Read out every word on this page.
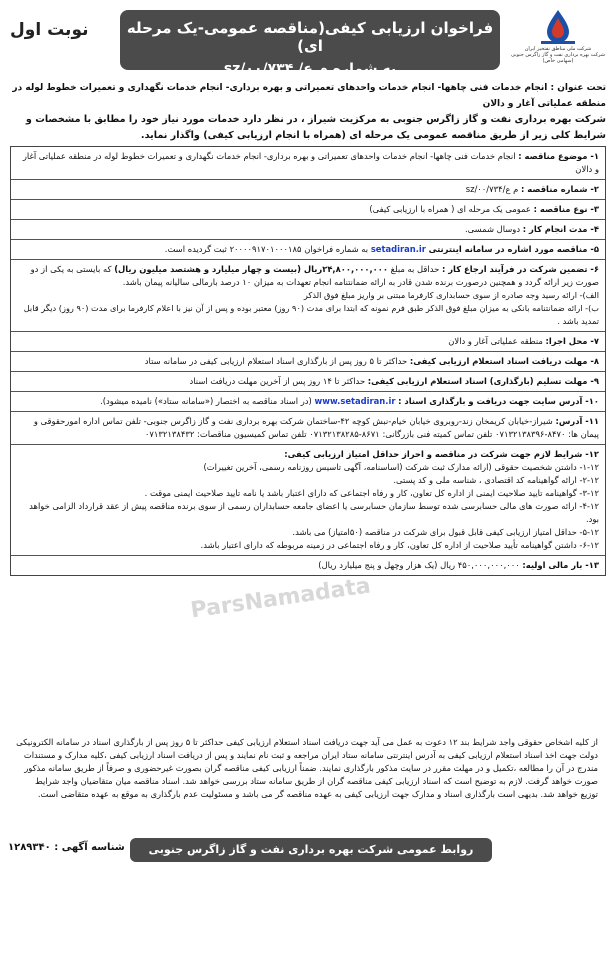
نوبت اول	فراخوان ارزیابی کیفی(مناقصه عمومی-یک مرحله ای)
به شماره م ع/ sz/۰۰/۷۳۴
شرکت ملی مناطق نفتخیز ایران
شرکت بهره برداری نفت و گاز زاگرس جنوبی
(سهامی خاص)
تحت عنوان : انجام خدمات فنی چاهها- انجام خدمات واحدهای تعمیراتی و بهره برداری- انجام خدمات نگهداری و تعمیرات خطوط لوله در منطقه عملیاتی آغار و دالان
شرکت بهره برداری نفت و گاز زاگرس جنوبی به مرکزیت شیراز ، در نظر دارد خدمات مورد نیاز خود را مطابق با مشخصات و شرایط کلی زیر از طریق مناقصه عمومی یک مرحله ای (همراه با انجام ارزیابی کیفی) واگذار نماید.
۱- موضوع مناقصه : انجام خدمات فنی چاهها- انجام خدمات واحدهای تعمیراتی و بهره برداری- انجام خدمات نگهداری و تعمیرات خطوط لوله در منطقه عملیاتی آغار و دالان
۲- شماره مناقصه : م ع/sz/۰۰/۷۳۴
۳- نوع مناقصه : عمومی یک مرحله ای ( همراه با ارزیابی کیفی)
۴- مدت انجام کار : دوسال شمسی.
۵- مناقصه مورد اشاره در سامانه اینترنتی setadiran.ir به شماره فراخوان ۲۰۰۰۰۹۱۷۰۱۰۰۰۱۸۵ ثبت گردیده است.
۶- تضمین شرکت در فرآیند ارجاع کار : حداقل به مبلغ ۲۴,۸۰۰,۰۰۰,۰۰۰ریال (بیست و چهار میلیارد و هشتصد میلیون ریال) که بایستی به یکی از دو صورت زیر ارائه گردد و همچنین درصورت برنده شدن قادر به ارائه ضمانتنامه انجام تعهدات به میزان ۱۰ درصد بارمالی سالیانه پیمان باشد.
الف)- ارائه رسید وجه صادره از سوی حسابداری کارفرما مبتنی بر واریز مبلغ فوق الذکر
ب)- ارائه ضمانتنامه بانکی به میزان مبلغ فوق الذکر طبق فرم نمونه که ابتدا برای مدت (۹۰ روز) معتبر بوده و پس از آن نیز با اعلام کارفرما برای مدت (۹۰ روز) دیگر قابل تمدید باشد .
۷- محل اجرا: منطقه عملیاتی آغار و دالان
۸- مهلت دریافت اسناد استعلام ارزیابی کیفی: حداکثر تا ۵ روز پس از بارگذاری اسناد استعلام ارزیابی کیفی در سامانه ستاد
۹- مهلت تسلیم (بارگذاری) اسناد استعلام ارزیابی کیفی: حداکثر تا ۱۴ روز پس از آخرین مهلت دریافت اسناد
۱۰- آدرس سایت جهت دریافت و بارگذاری اسناد : www.setadiran.ir (در اسناد مناقصه به اختصار («سامانه ستاد») نامیده میشود).
۱۱- آدرس: شیراز-خیابان کریمخان زند-روبروی خیابان خیام-نبش کوچه ۴۲-ساختمان شرکت بهره برداری نفت و گاز زاگرس جنوبی- تلفن تماس اداره امورحقوقی و پیمان ها: ۸۴۷۰-۰۷۱۳۲۱۳۸۳۹۶ تلفن تماس کمیته فنی بازرگانی: ۸۶۷۱-۰۷۱۳۲۱۳۸۲۸۵ تلفن تماس کمیسیون مناقصات: ۰۷۱۳۲۱۳۸۴۳۲
۱۲- شرایط لازم جهت شرکت در مناقصه و احراز حداقل امتیاز ارزیابی کیفی:
۱-۱۲- داشتن شخصیت حقوقی (ارائه مدارک ثبت شرکت (اساسنامه، آگهی تاسیس روزنامه رسمی، آخرین تغییرات)
۲-۱۲- ارائه گواهینامه کد اقتصادی ، شناسه ملی و کد پستی.
۳-۱۲- گواهینامه تایید صلاحیت ایمنی از اداره کل تعاون، کار و رفاه اجتماعی که دارای اعتبار باشد یا نامه تایید صلاحیت ایمنی موقت .
۴-۱۲- ارائه صورت های مالی حسابرسی شده توسط سازمان حسابرسی یا اعضای جامعه حسابداران رسمی از سوی برنده مناقصه پیش از عقد قرارداد الزامی خواهد بود.
۵-۱۲- حداقل امتیاز ارزیابی کیفی قابل قبول برای شرکت در مناقصه (۵۰امتیاز) می باشد.
۶-۱۲- داشتن گواهینامه تأیید صلاحیت از اداره کل تعاون، کار و رفاه اجتماعی در زمینه مربوطه که دارای اعتبار باشد.
۱۳- بار مالی اولیه: ۴۵۰,۰۰۰,۰۰۰,۰۰۰ ریال (یک هزار وچهل و پنج میلیارد ریال)
از کلیه اشخاص حقوقی واجد شرایط بند ۱۲ دعوت به عمل می آید جهت دریافت اسناد استعلام ارزیابی کیفی حداکثر تا ۵ روز پس از بارگذاری اسناد در سامانه الکترونیکی دولت جهت اخذ اسناد استعلام ارزیابی کیفی به آدرس اینترنتی سامانه ستاد ایران مراجعه و ثبت نام نمایند و پس از دریافت اسناد ارزیابی کیفی ،کلیه مدارک و مستندات مندرج در آن را مطالعه ،تکمیل و در مهلت مقرر در سایت مذکور بارگذاری نمایند. ضمناً ارزیابی کیفی مناقصه گران بصورت غیرحضوری و صرفاً از طریق سامانه مذکور صورت خواهد گرفت. لازم به توضیح است که اسناد ارزیابی کیفی مناقصه گران از طریق سامانه ستاد بررسی خواهد شد. اسناد مناقصه میان متقاضیان واجد شرایط توزیع خواهد شد. بدیهی است بارگذاری اسناد و مدارک جهت ارزیابی کیفی به عهده مناقصه گر می باشد و مسئولیت عدم بارگذاری به موقع به عهده متقاضی است.
روابط عمومی شرکت بهره برداری نفت و گاز زاگرس جنوبی
شناسه آگهی : ۱۲۸۹۳۴۰
ParsNamadata
